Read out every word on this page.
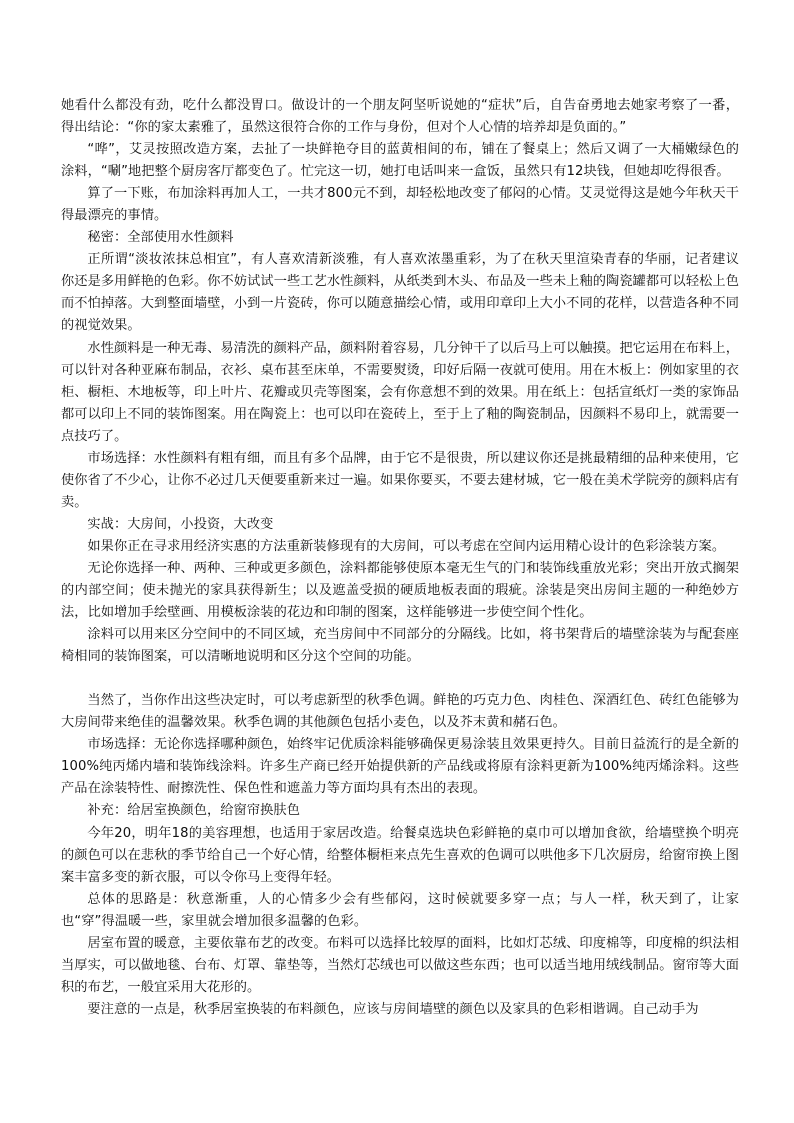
她看什么都没有劲，吃什么都没胃口。做设计的一个朋友阿坚听说她的“症状”后，自告奋勇地去她家考察了一番，得出结论：“你的家太素雅了，虽然这很符合你的工作与身份，但对个人心情的培养却是负面的。”

“哗”，艾灵按照改造方案，去扯了一块鲜艳夺目的蓝黄相间的布，铺在了餐桌上；然后又调了一大桶嫩绿色的涂料，“唰”地把整个厨房客厅都变色了。忙完这一切，她打电话叫来一盒饭，虽然只有12块钱，但她却吃得很香。

算了一下账，布加涂料再加人工，一共才800元不到，却轻松地改变了郁闷的心情。艾灵觉得这是她今年秋天干得最漂亮的事情。

秘密：全部使用水性颜料

正所谓“淡妆浓抹总相宜”，有人喜欢清新淡雅，有人喜欢浓墨重彩，为了在秋天里渲染青春的华丽，记者建议你还是多用鲜艳的色彩。你不妨试试一些工艺水性颜料，从纸类到木头、布品及一些未上釉的陶瓷罐都可以轻松上色而不怕掉落。大到整面墙壁，小到一片瓷砖，你可以随意描绘心情，或用印章印上大小不同的花样，以营造各种不同的视觉效果。

水性颜料是一种无毒、易清洗的颜料产品，颜料附着容易，几分钟干了以后马上可以触摸。把它运用在布料上，可以针对各种亚麻布制品，衣衫、桌布甚至床单，不需要熨烫，印好后隔一夜就可使用。用在木板上：例如家里的衣柜、橱柜、木地板等，印上叶片、花瓣或贝壳等图案，会有你意想不到的效果。用在纸上：包括宣纸灯一类的家饰品都可以印上不同的装饰图案。用在陶瓷上：也可以印在瓷砖上，至于上了釉的陶瓷制品，因颜料不易印上，就需要一点技巧了。

市场选择：水性颜料有粗有细，而且有多个品牌，由于它不是很贵，所以建议你还是挑最精细的品种来使用，它使你省了不少心，让你不必过几天便要重新来过一遍。如果你要买，不要去建材城，它一般在美术学院旁的颜料店有卖。

实战：大房间，小投资，大改变

如果你正在寻求用经济实惠的方法重新装修现有的大房间，可以考虑在空间内运用精心设计的色彩涂装方案。

无论你选择一种、两种、三种或更多颜色，涂料都能够使原本毫无生气的门和装饰线重放光彩；突出开放式搁架的内部空间；使未抛光的家具获得新生；以及遮盖受损的硬质地板表面的瑕疵。涂装是突出房间主题的一种绝妙方法，比如增加手绘壁画、用模板涂装的花边和印制的图案，这样能够进一步使空间个性化。

涂料可以用来区分空间中的不同区域，充当房间中不同部分的分隔线。比如，将书架背后的墙壁涂装为与配套座椅相同的装饰图案，可以清晰地说明和区分这个空间的功能。

当然了，当你作出这些决定时，可以考虑新型的秋季色调。鲜艳的巧克力色、肉桂色、深酒红色、砖红色能够为大房间带来绝佳的温馨效果。秋季色调的其他颜色包括小麦色，以及芥末黄和赭石色。

市场选择：无论你选择哪种颜色，始终牢记优质涂料能够确保更易涂装且效果更持久。目前日益流行的是全新的100%纯丙烯内墙和装饰线涂料。许多生产商已经开始提供新的产品线或将原有涂料更新为100%纯丙烯涂料。这些产品在涂装特性、耐擦洗性、保色性和遮盖力等方面均具有杰出的表现。

补充：给居室换颜色，给窗帘换肤色

今年20，明年18的美容理想，也适用于家居改造。给餐桌选块色彩鲜艳的桌巾可以增加食欲，给墙壁换个明亮的颜色可以在悲秋的季节给自己一个好心情，给整体橱柜来点先生喜欢的色调可以哄他多下几次厨房，给窗帘换上图案丰富多变的新衣服，可以令你马上变得年轻。

总体的思路是：秋意渐重，人的心情多少会有些郁闷，这时候就要多穿一点；与人一样，秋天到了，让家也“穿”得温暖一些，家里就会增加很多温馨的色彩。

居室布置的暖意，主要依靠布艺的改变。布料可以选择比较厚的面料，比如灯芯绒、印度棉等，印度棉的织法相当厚实，可以做地毯、台布、灯罩、靠垫等，当然灯芯绒也可以做这些东西；也可以适当地用绒线制品。窗帘等大面积的布艺，一般宜采用大花形的。

要注意的一点是，秋季居室换装的布料颜色，应该与房间墙壁的颜色以及家具的色彩相谐调。自己动手为
